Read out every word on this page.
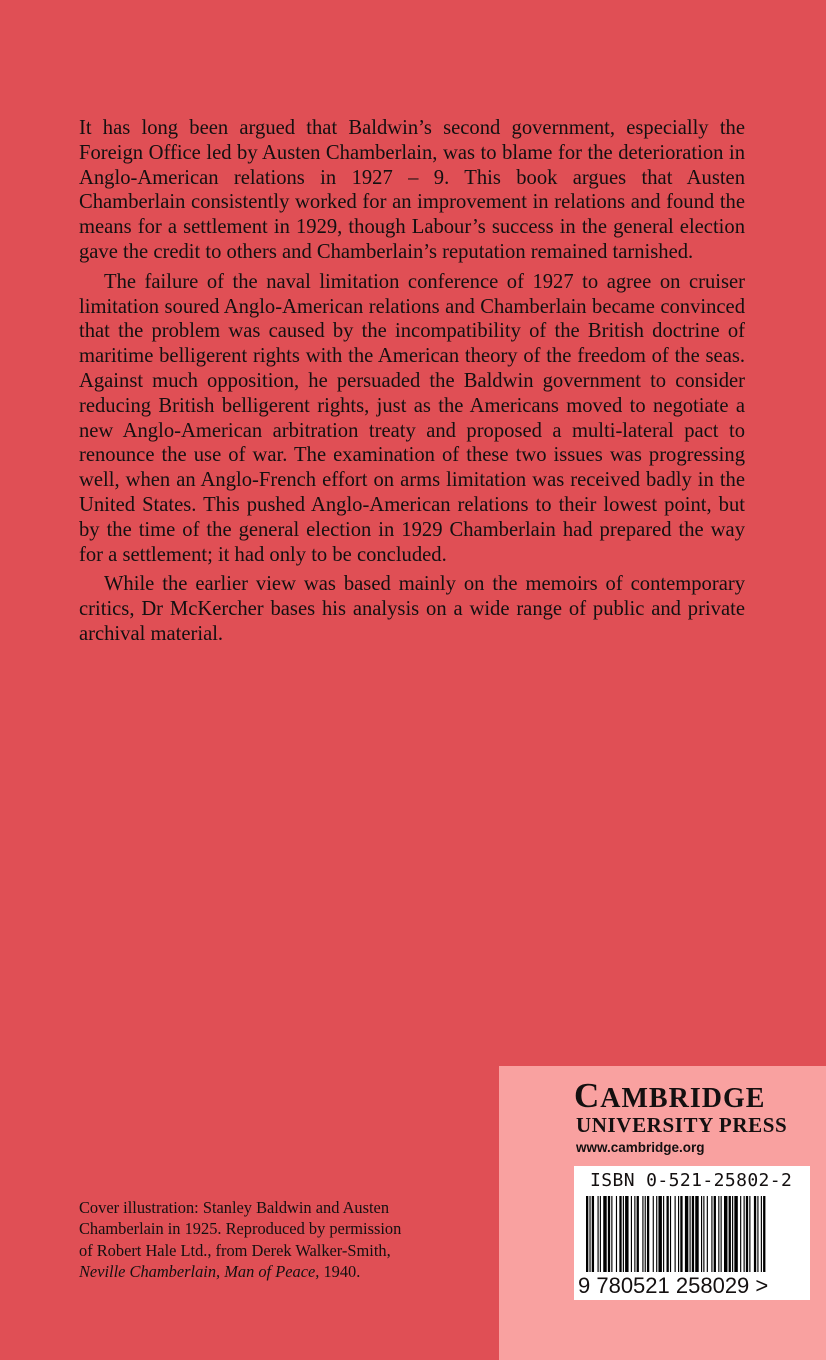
It has long been argued that Baldwin’s second government, especially the Foreign Office led by Austen Chamberlain, was to blame for the deterioration in Anglo-American relations in 1927 – 9. This book argues that Austen Chamberlain consistently worked for an improvement in relations and found the means for a settlement in 1929, though Labour’s success in the general election gave the credit to others and Chamberlain’s reputation remained tarnished.

The failure of the naval limitation conference of 1927 to agree on cruiser limitation soured Anglo-American relations and Chamberlain became convinced that the problem was caused by the incompatibility of the British doctrine of maritime belligerent rights with the American theory of the freedom of the seas. Against much opposition, he persuaded the Baldwin government to consider reducing British belligerent rights, just as the Americans moved to negotiate a new Anglo-American arbitration treaty and proposed a multi-lateral pact to renounce the use of war. The examination of these two issues was progressing well, when an Anglo-French effort on arms limitation was received badly in the United States. This pushed Anglo-American relations to their lowest point, but by the time of the general election in 1929 Chamberlain had prepared the way for a settlement; it had only to be concluded.

While the earlier view was based mainly on the memoirs of contemporary critics, Dr McKercher bases his analysis on a wide range of public and private archival material.

Cover illustration: Stanley Baldwin and Austen
Chamberlain in 1925. Reproduced by permission
of Robert Hale Ltd., from Derek Walker-Smith,
Neville Chamberlain, Man of Peace, 1940.
CAMBRIDGE
UNIVERSITY PRESS
www.cambridge.org
ISBN 0-521-25802-2
9 780521 258029 >
